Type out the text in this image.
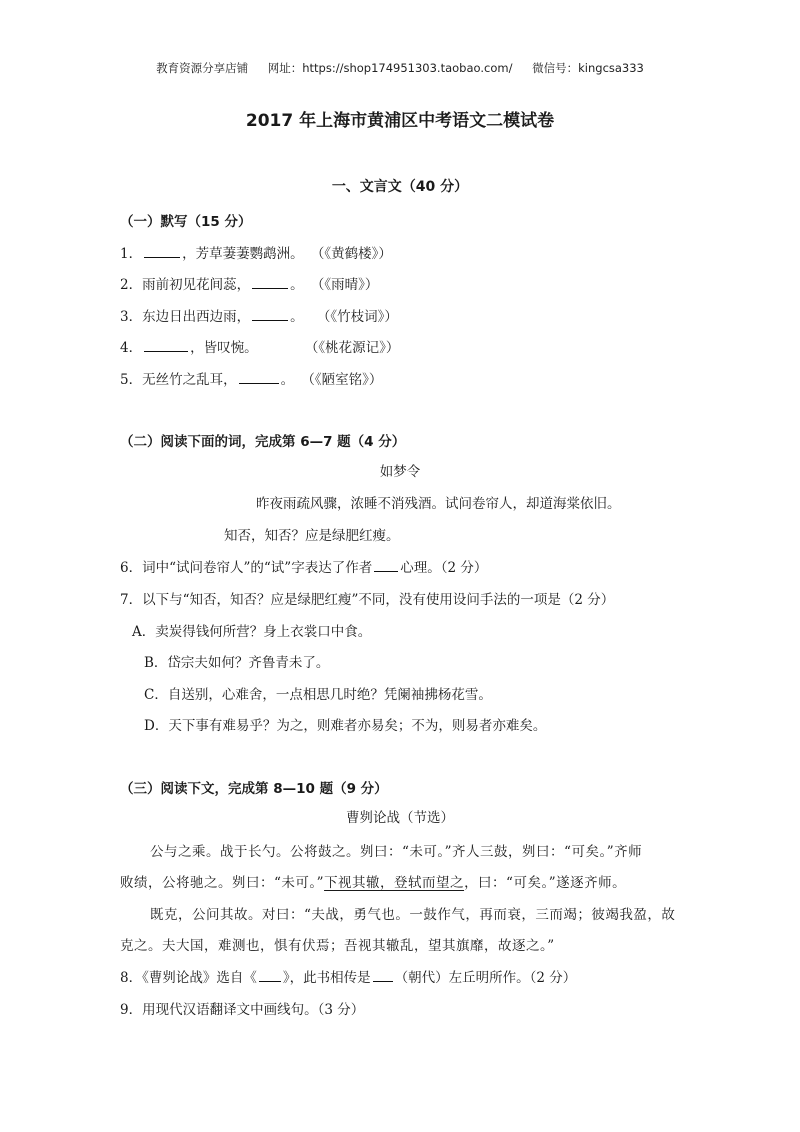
教育资源分享店铺 网址：https://shop174951303.taobao.com/ 微信号：kingcsa333
2017 年上海市黄浦区中考语文二模试卷
一、文言文（40 分）
（一）默写（15 分）
1．	，芳草萋萋鹦鹉洲。 （《黄鹤楼》）
2．雨前初见花间蕊，	。 （《雨晴》）
3．东边日出西边雨，	。 （《竹枝词》）
4．	，皆叹惋。	（《桃花源记》）
5．无丝竹之乱耳，	。 （《陋室铭》）
（二）阅读下面的词，完成第 6—7 题（4 分）
如梦令
昨夜雨疏风骤，浓睡不消残酒。试问卷帘人，却道海棠依旧。
知否，知否？应是绿肥红瘦。
6．词中“试问卷帘人”的“试”字表达了作者 心理。（2 分）
7．以下与“知否，知否？应是绿肥红瘦”不同，没有使用设问手法的一项是（2 分）
A．卖炭得钱何所营？身上衣裳口中食。
B．岱宗夫如何？齐鲁青未了。
C．自送别，心难舍，一点相思几时绝？凭阑袖拂杨花雪。
D．天下事有难易乎？为之，则难者亦易矣；不为，则易者亦难矣。
（三）阅读下文，完成第 8—10 题（9 分）
曹刿论战（节选）
公与之乘。战于长勺。公将鼓之。刿曰：“未可。”齐人三鼓，刿曰：“可矣。”齐师
败绩，公将驰之。刿曰：“未可。”下视其辙，登轼而望之，曰：“可矣。”遂逐齐师。
既克，公问其故。对曰：“夫战，勇气也。一鼓作气，再而衰，三而竭；彼竭我盈，故
克之。夫大国，难测也，惧有伏焉；吾视其辙乱，望其旗靡，故逐之。”
8．《曹刿论战》选自《 》，此书相传是 （朝代）左丘明所作。（2 分）
9．用现代汉语翻译文中画线句。（3 分）
